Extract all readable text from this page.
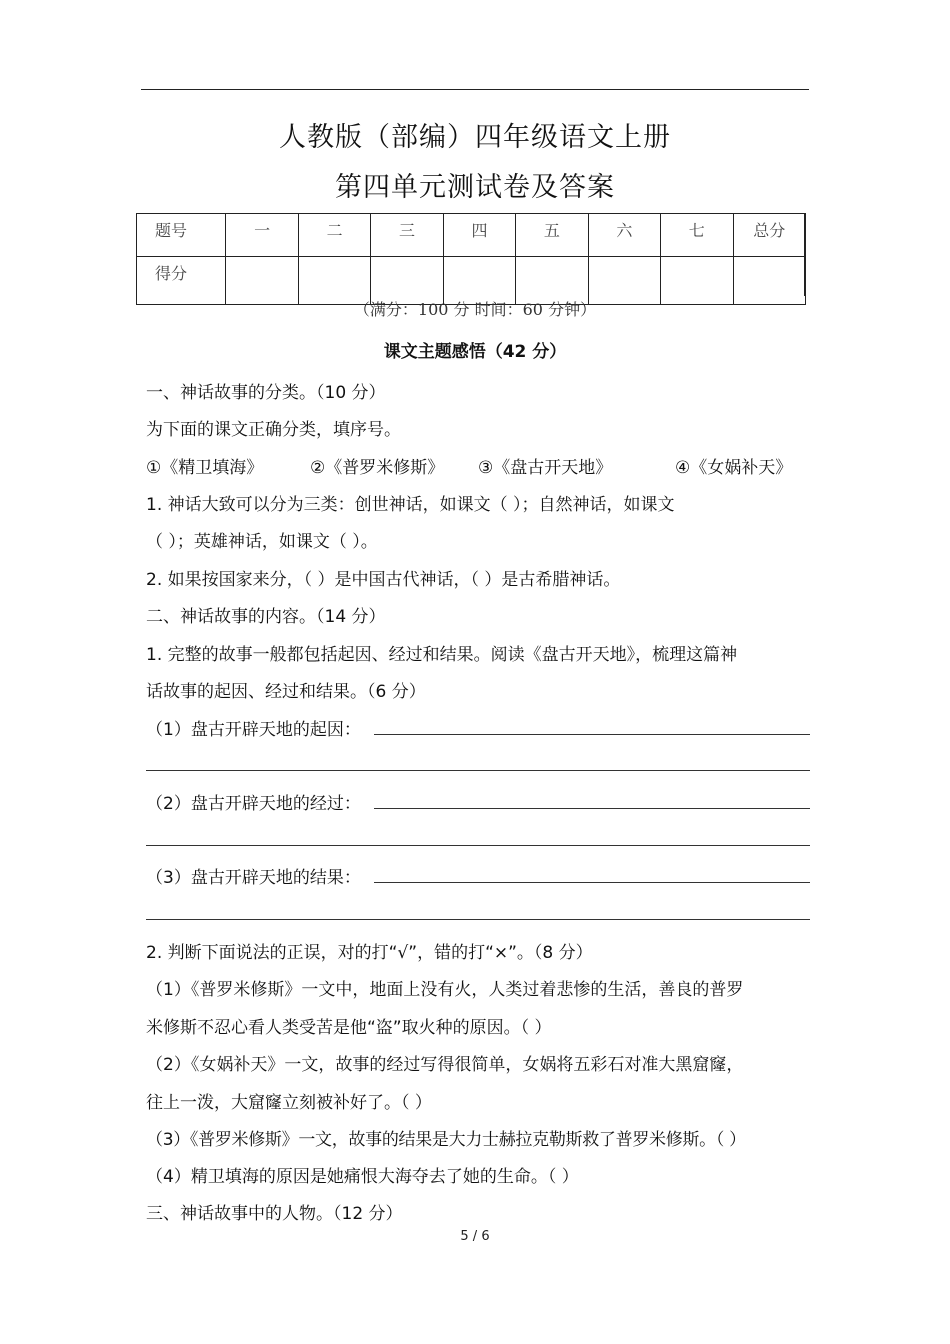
人教版（部编）四年级语文上册
第四单元测试卷及答案
题号	一	二	三	四	五	六	七	总分
得分								
（满分：100 分 时间：60 分钟）
课文主题感悟（42 分）
一、神话故事的分类。（10 分）
为下面的课文正确分类，填序号。
①《精卫填海》	②《普罗米修斯》 ③《盘古开天地》	④《女娲补天》
1. 神话大致可以分为三类：创世神话，如课文（ ）；自然神话，如课文
（ ）；英雄神话，如课文（ ）。
2. 如果按国家来分，（ ）是中国古代神话，（ ）是古希腊神话。
二、神话故事的内容。（14 分）
1. 完整的故事一般都包括起因、经过和结果。阅读《盘古开天地》，梳理这篇神
话故事的起因、经过和结果。（6 分）
（1）盘古开辟天地的起因：
（2）盘古开辟天地的经过：
（3）盘古开辟天地的结果：
2. 判断下面说法的正误，对的打“√”，错的打“×”。（8 分）
（1）《普罗米修斯》一文中，地面上没有火，人类过着悲惨的生活，善良的普罗
米修斯不忍心看人类受苦是他“盗”取火种的原因。（ ）
（2）《女娲补天》一文，故事的经过写得很简单，女娲将五彩石对准大黑窟窿，
往上一泼，大窟窿立刻被补好了。（ ）
（3）《普罗米修斯》一文，故事的结果是大力士赫拉克勒斯救了普罗米修斯。（ ）
（4）精卫填海的原因是她痛恨大海夺去了她的生命。（ ）
三、神话故事中的人物。（12 分）
5 / 6
